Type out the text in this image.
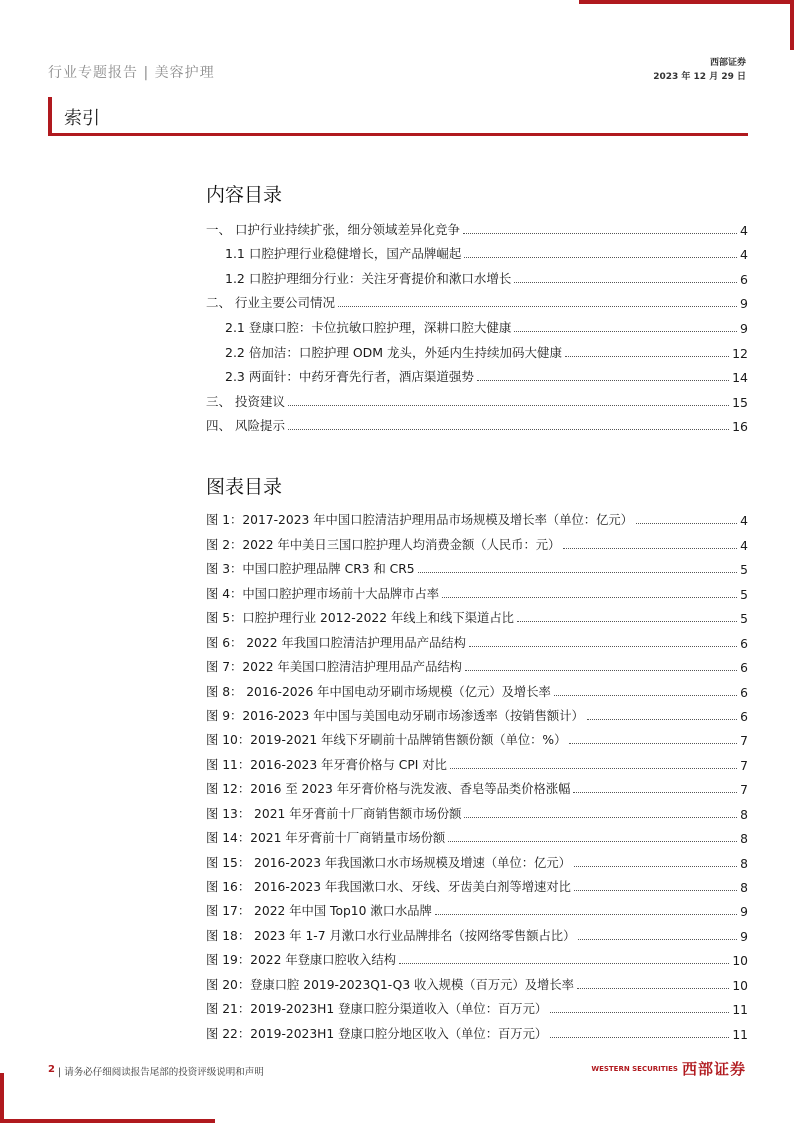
行业专题报告 | 美容护理
西部证券
2023 年 12 月 29 日
索引
内容目录
一、 口护行业持续扩张，细分领域差异化竞争	4
1.1 口腔护理行业稳健增长，国产品牌崛起	4
1.2 口腔护理细分行业：关注牙膏提价和漱口水增长	6
二、 行业主要公司情况	9
2.1 登康口腔：卡位抗敏口腔护理，深耕口腔大健康	9
2.2 倍加洁：口腔护理 ODM 龙头，外延内生持续加码大健康	12
2.3 两面针：中药牙膏先行者，酒店渠道强势	14
三、 投资建议	15
四、 风险提示	16
图表目录
图 1：2017-2023 年中国口腔清洁护理用品市场规模及增长率（单位：亿元）	4
图 2：2022 年中美日三国口腔护理人均消费金额（人民币：元）	4
图 3：中国口腔护理品牌 CR3 和 CR5	5
图 4：中国口腔护理市场前十大品牌市占率	5
图 5：口腔护理行业 2012-2022 年线上和线下渠道占比	5
图 6： 2022 年我国口腔清洁护理用品产品结构	6
图 7：2022 年美国口腔清洁护理用品产品结构	6
图 8： 2016-2026 年中国电动牙刷市场规模（亿元）及增长率	6
图 9：2016-2023 年中国与美国电动牙刷市场渗透率（按销售额计）	6
图 10：2019-2021 年线下牙刷前十品牌销售额份额（单位：%）	7
图 11：2016-2023 年牙膏价格与 CPI 对比	7
图 12：2016 至 2023 年牙膏价格与洗发液、香皂等品类价格涨幅	7
图 13： 2021 年牙膏前十厂商销售额市场份额	8
图 14：2021 年牙膏前十厂商销量市场份额	8
图 15： 2016-2023 年我国漱口水市场规模及增速（单位：亿元）	8
图 16： 2016-2023 年我国漱口水、牙线、牙齿美白剂等增速对比	8
图 17： 2022 年中国 Top10 漱口水品牌	9
图 18： 2023 年 1-7 月漱口水行业品牌排名（按网络零售额占比）	9
图 19：2022 年登康口腔收入结构	10
图 20：登康口腔 2019-2023Q1-Q3 收入规模（百万元）及增长率	10
图 21：2019-2023H1 登康口腔分渠道收入（单位：百万元）	11
图 22：2019-2023H1 登康口腔分地区收入（单位：百万元）	11
2 | 请务必仔细阅读报告尾部的投资评级说明和声明	WESTERN SECURITIES 西部证券
